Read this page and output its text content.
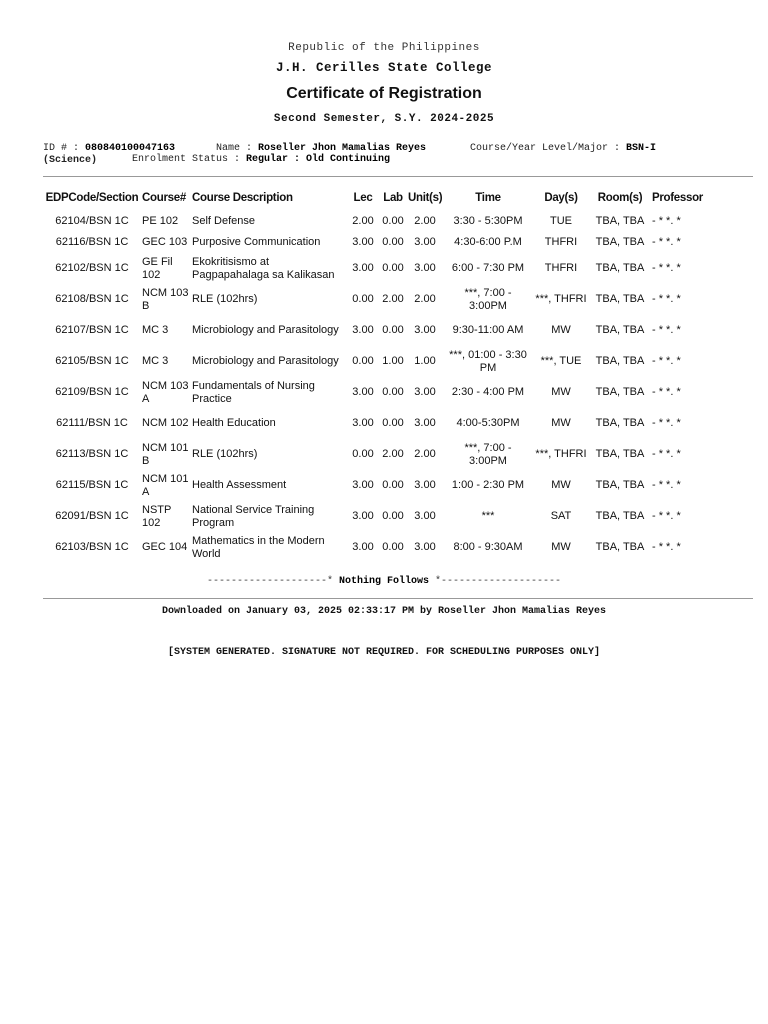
Republic of the Philippines
J.H. Cerilles State College
Certificate of Registration
Second Semester, S.Y. 2024-2025
ID # : 080840100047163	Name : Roseller Jhon Mamalias Reyes	Course/Year Level/Major : BSN-I
(Science)	Enrolment Status : Regular : Old Continuing
EDPCode/Section	Course#	Course Description	Lec	Lab	Unit(s)	Time	Day(s)	Room(s)	Professor
62104/BSN 1C	PE 102	Self Defense	2.00	0.00	2.00	3:30 - 5:30PM	TUE	TBA, TBA	- * *. *
62116/BSN 1C	GEC 103	Purposive Communication	3.00	0.00	3.00	4:30-6:00 P.M	THFRI	TBA, TBA	- * *. *
62102/BSN 1C	GE Fil 102	Ekokritisismo at Pagpapahalaga sa Kalikasan	3.00	0.00	3.00	6:00 - 7:30 PM	THFRI	TBA, TBA	- * *. *
62108/BSN 1C	NCM 103 B	RLE (102hrs)	0.00	2.00	2.00	***, 7:00 - 3:00PM	***, THFRI	TBA, TBA	- * *. *
62107/BSN 1C	MC 3	Microbiology and Parasitology	3.00	0.00	3.00	9:30-11:00 AM	MW	TBA, TBA	- * *. *
62105/BSN 1C	MC 3	Microbiology and Parasitology	0.00	1.00	1.00	***, 01:00 - 3:30 PM	***, TUE	TBA, TBA	- * *. *
62109/BSN 1C	NCM 103 A	Fundamentals of Nursing Practice	3.00	0.00	3.00	2:30 - 4:00 PM	MW	TBA, TBA	- * *. *
62111/BSN 1C	NCM 102	Health Education	3.00	0.00	3.00	4:00-5:30PM	MW	TBA, TBA	- * *. *
62113/BSN 1C	NCM 101 B	RLE (102hrs)	0.00	2.00	2.00	***, 7:00 - 3:00PM	***, THFRI	TBA, TBA	- * *. *
62115/BSN 1C	NCM 101 A	Health Assessment	3.00	0.00	3.00	1:00 - 2:30 PM	MW	TBA, TBA	- * *. *
62091/BSN 1C	NSTP 102	National Service Training Program	3.00	0.00	3.00	***	SAT	TBA, TBA	- * *. *
62103/BSN 1C	GEC 104	Mathematics in the Modern World	3.00	0.00	3.00	8:00 - 9:30AM	MW	TBA, TBA	- * *. *
--------------------* Nothing Follows *--------------------
Downloaded on January 03, 2025 02:33:17 PM by Roseller Jhon Mamalias Reyes
[SYSTEM GENERATED. SIGNATURE NOT REQUIRED. FOR SCHEDULING PURPOSES ONLY]
